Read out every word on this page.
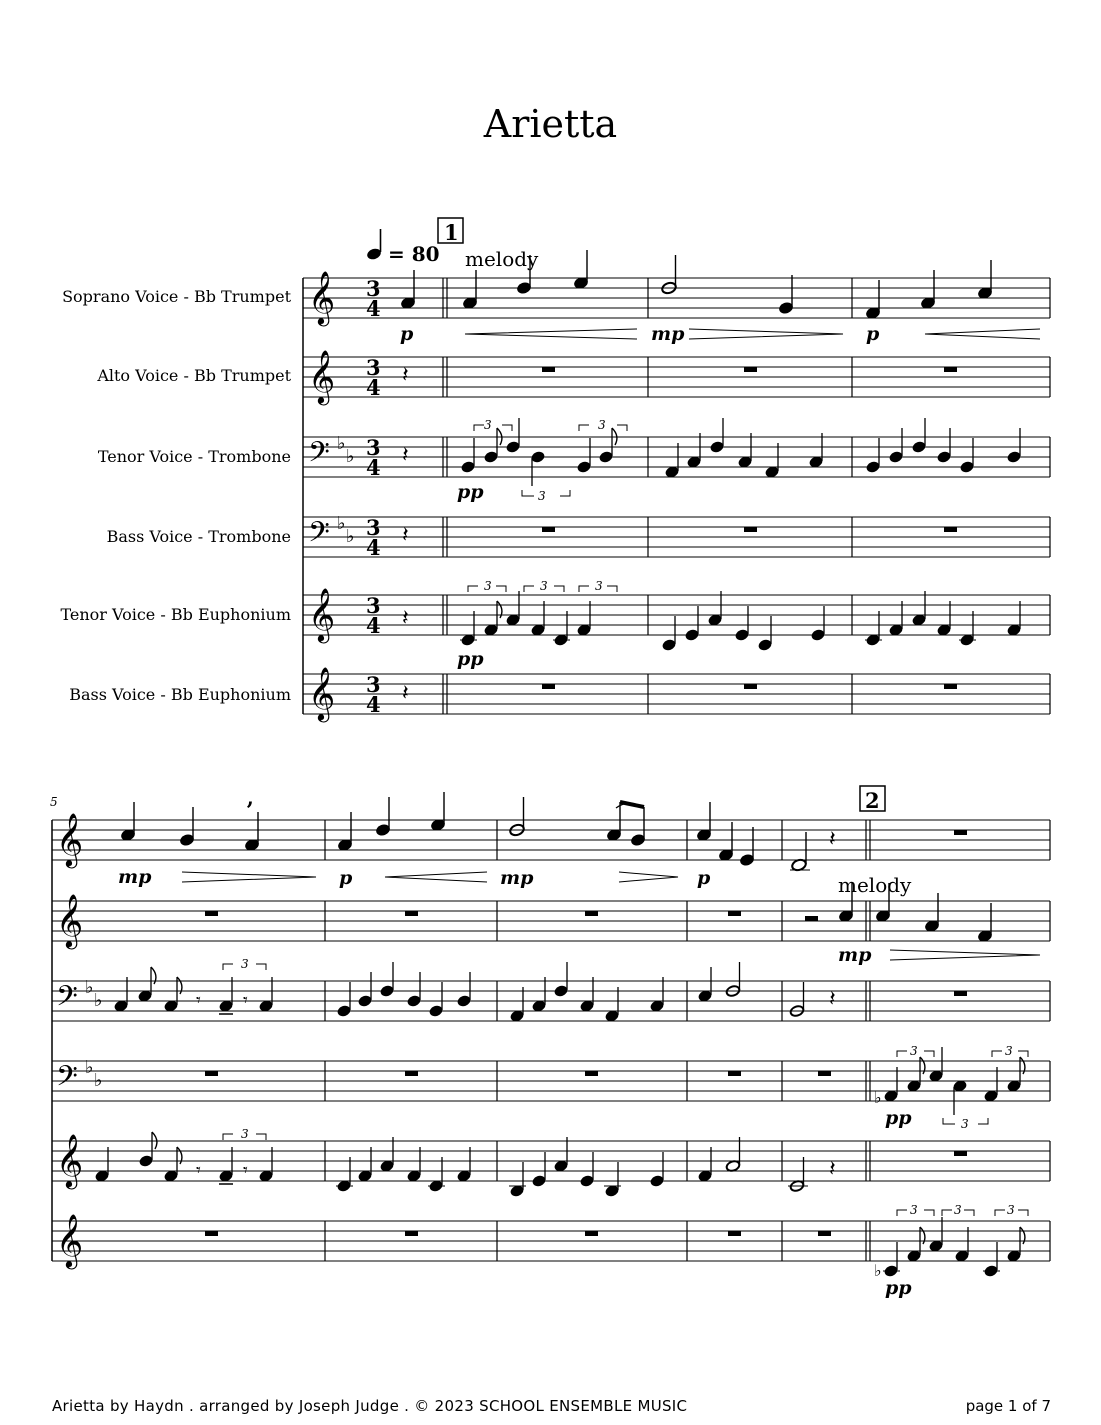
Arietta
= 80
1
melody
Soprano Voice - Bb Trumpet
Alto Voice - Bb Trumpet
Tenor Voice - Trombone
Bass Voice - Trombone
Tenor Voice - Bb Euphonium
Bass Voice - Bb Euphonium
𝄞
𝄞
𝄢
𝄢
𝄞
𝄞
♭
♭
♭
♭
3
4
3
4
3
4
3
4
3
4
3
4
p	mp	p
𝄽
𝄽
3	3
3
pp
𝄽
𝄽
3	3	3
pp
𝄽
5	2
𝄞
𝄞
𝄢
𝄢
𝄞
𝄞
♭
♭
♭
♭
𝄽
’
mp	p	mp	p	melody
mp
𝄾 𝄾
3
𝄽
♭
3	3
3
pp
𝄾 𝄾
3
𝄽
♭
3	3	3
pp
Arietta by Haydn . arranged by Joseph Judge . © 2023 SCHOOL ENSEMBLE MUSIC	page 1 of 7
